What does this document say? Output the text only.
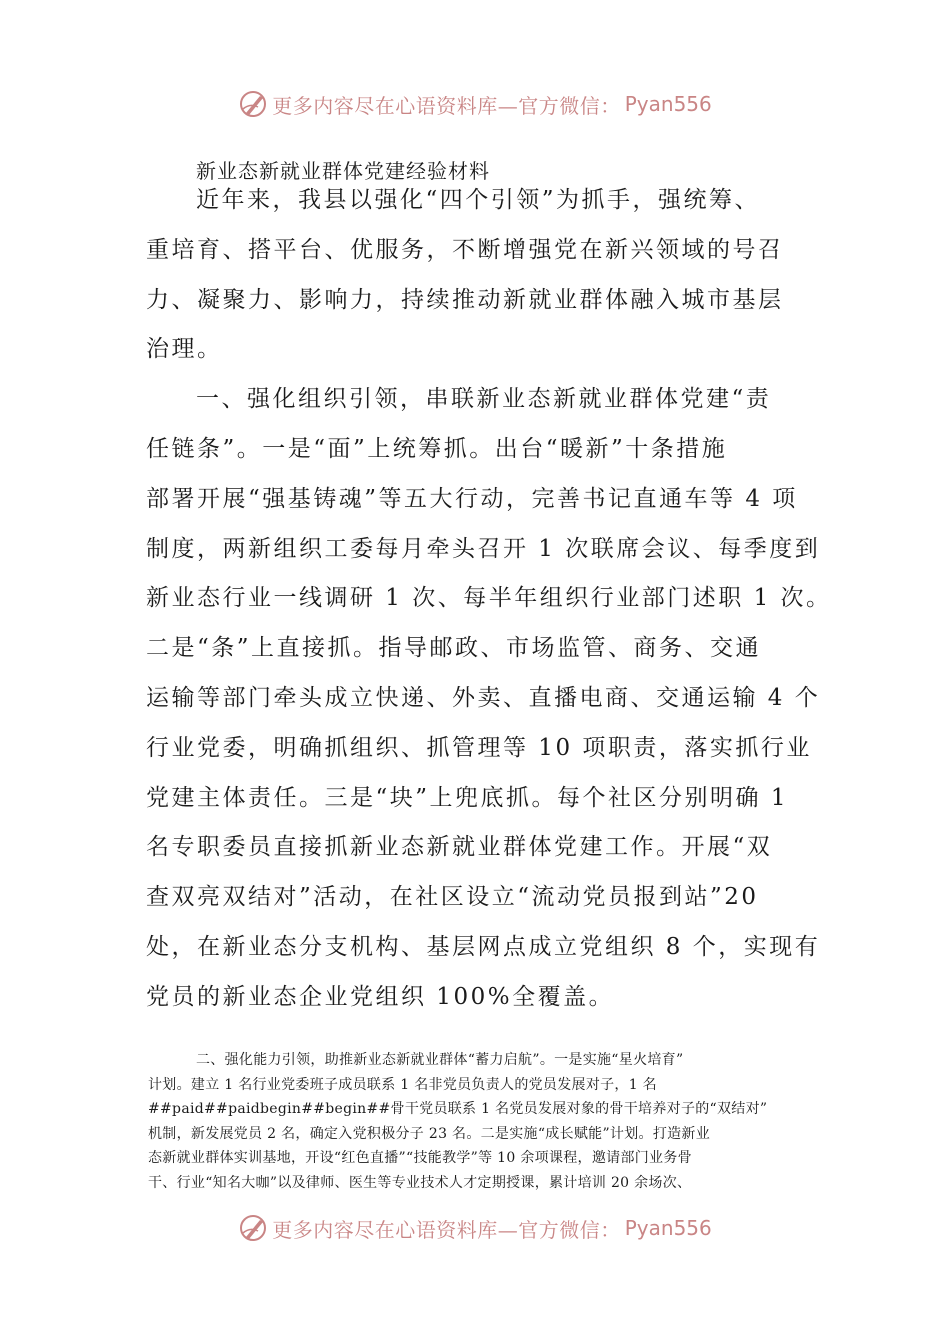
更多内容尽在心语资料库—官方微信： Pyan556
新业态新就业群体党建经验材料
近年来，我县以强化“四个引领”为抓手，强统筹、
重培育、搭平台、优服务，不断增强党在新兴领域的号召
力、凝聚力、影响力，持续推动新就业群体融入城市基层
治理。
一、强化组织引领，串联新业态新就业群体党建“责
任链条”。一是“面”上统筹抓。出台“暖新”十条措施
部署开展“强基铸魂”等五大行动，完善书记直通车等 4 项
制度，两新组织工委每月牵头召开 1 次联席会议、每季度到
新业态行业一线调研 1 次、每半年组织行业部门述职 1 次。
二是“条”上直接抓。指导邮政、市场监管、商务、交通
运输等部门牵头成立快递、外卖、直播电商、交通运输 4 个
行业党委，明确抓组织、抓管理等 10 项职责，落实抓行业
党建主体责任。三是“块”上兜底抓。每个社区分别明确 1
名专职委员直接抓新业态新就业群体党建工作。开展“双
查双亮双结对”活动，在社区设立“流动党员报到站”20
处，在新业态分支机构、基层网点成立党组织 8 个，实现有
党员的新业态企业党组织 100%全覆盖。
二、强化能力引领，助推新业态新就业群体“蓄力启航”。一是实施“星火培育”
计划。建立 1 名行业党委班子成员联系 1 名非党员负责人的党员发展对子，1 名
##paid##paidbegin##begin##骨干党员联系 1 名党员发展对象的骨干培养对子的“双结对”
机制，新发展党员 2 名，确定入党积极分子 23 名。二是实施“成长赋能”计划。打造新业
态新就业群体实训基地，开设“红色直播”“技能教学”等 10 余项课程，邀请部门业务骨
干、行业“知名大咖”以及律师、医生等专业技术人才定期授课，累计培训 20 余场次、
更多内容尽在心语资料库—官方微信： Pyan556
